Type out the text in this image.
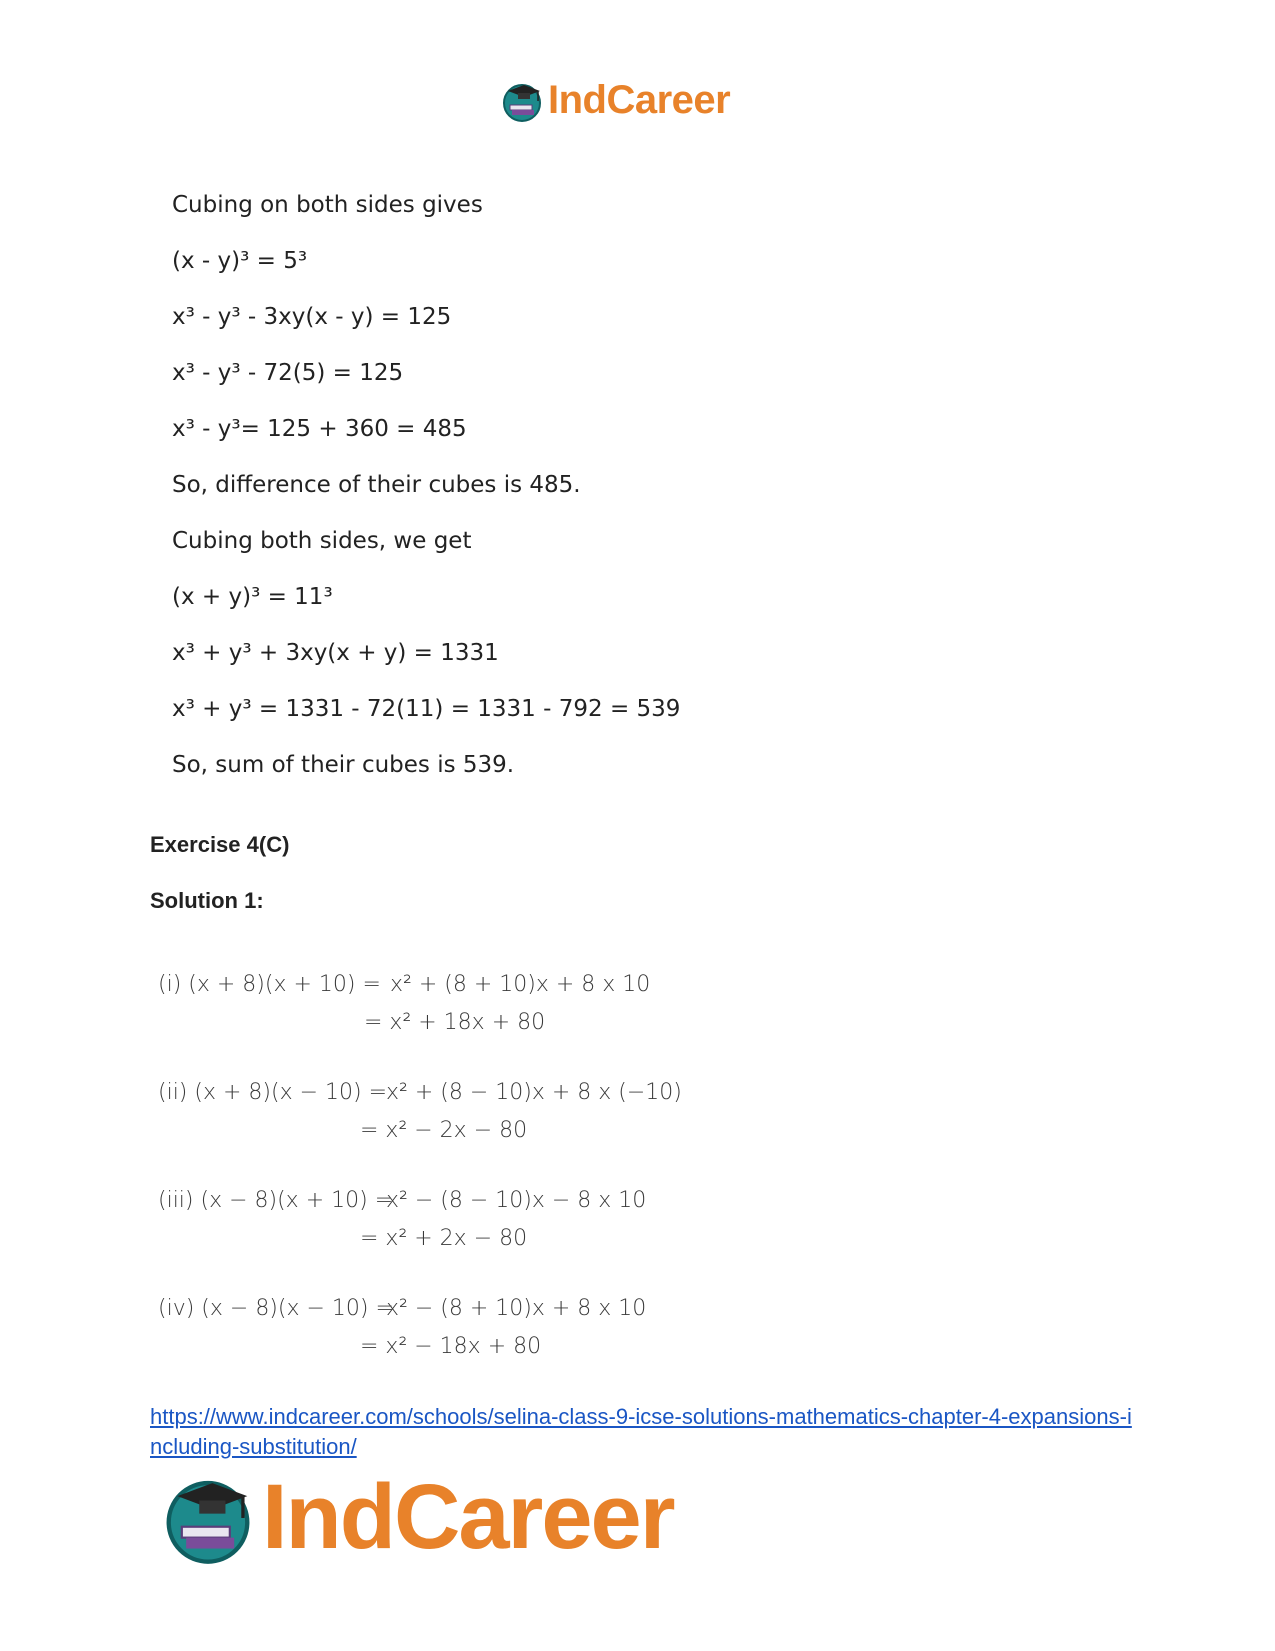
IndCareer
Cubing on both sides gives
(x - y)³ = 5³
x³ - y³ - 3xy(x - y) = 125
x³ - y³ - 72(5) = 125
x³ - y³= 125 + 360 = 485
So, difference of their cubes is 485.
Cubing both sides, we get
(x + y)³ = 11³
x³ + y³ + 3xy(x + y) = 1331
x³ + y³ = 1331 - 72(11) = 1331 - 792 = 539
So, sum of their cubes is 539.
Exercise 4(C)
Solution 1:
(i) (x + 8)(x + 10) = x² + (8 + 10)x + 8 x 10
= x² + 18x + 80
(ii) (x + 8)(x − 10) =
x² + (8 − 10)x + 8 x (−10)
= x² − 2x − 80
(iii) (x − 8)(x + 10) =
x² − (8 − 10)x − 8 x 10
= x² + 2x − 80
(iv) (x − 8)(x − 10) =
x² − (8 + 10)x + 8 x 10
= x² − 18x + 80
https://www.indcareer.com/schools/selina-class-9-icse-solutions-mathematics-chapter-4-expansions-including-substitution/
IndCareer
